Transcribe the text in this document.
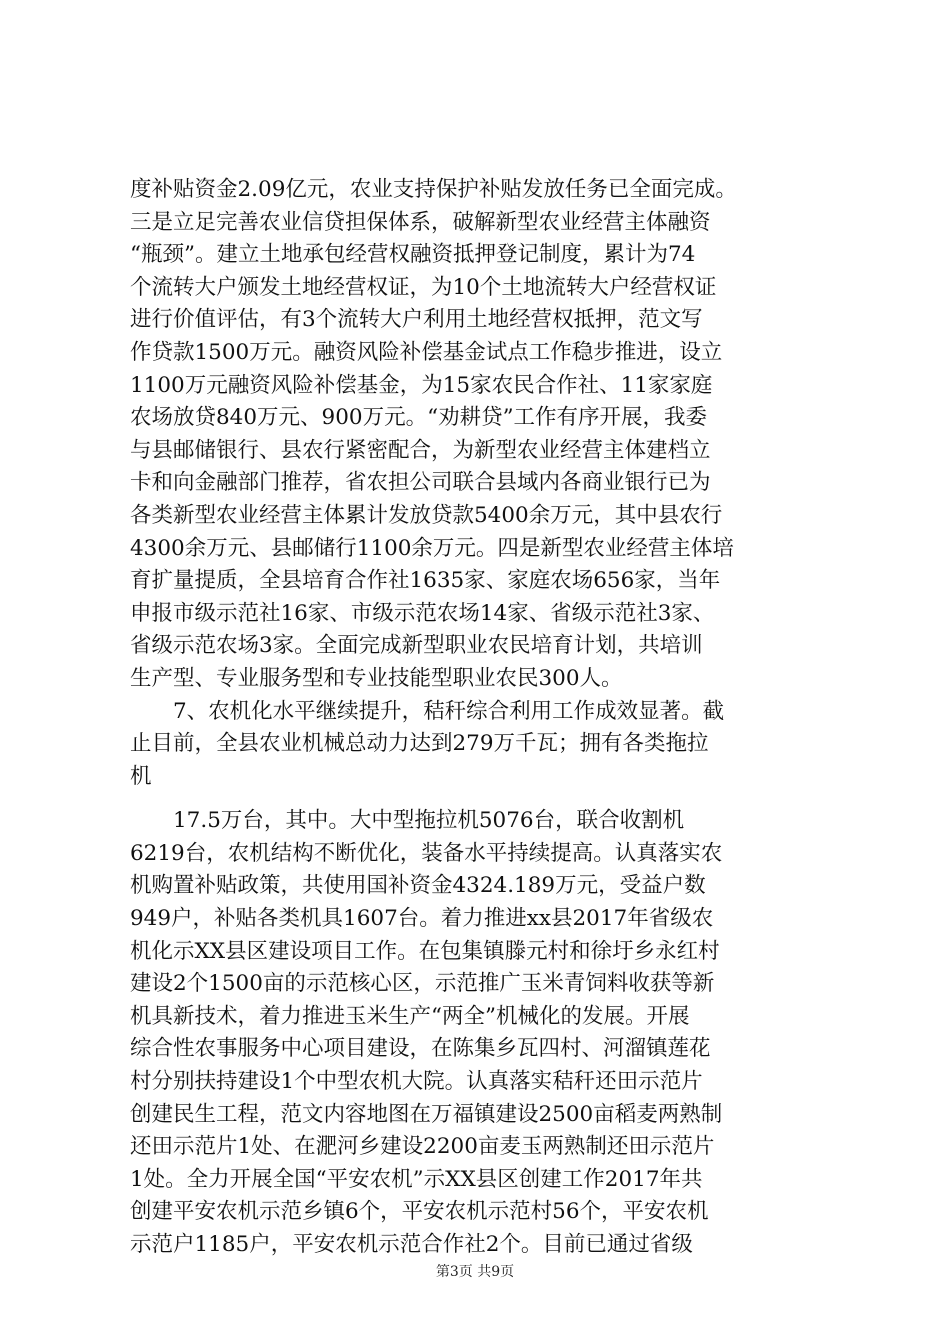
度补贴资金2.09亿元，农业支持保护补贴发放任务已全面完成。
三是立足完善农业信贷担保体系，破解新型农业经营主体融资
“瓶颈”。建立土地承包经营权融资抵押登记制度，累计为74
个流转大户颁发土地经营权证，为10个土地流转大户经营权证
进行价值评估，有3个流转大户利用土地经营权抵押，范文写
作贷款1500万元。融资风险补偿基金试点工作稳步推进，设立
1100万元融资风险补偿基金，为15家农民合作社、11家家庭
农场放贷840万元、900万元。“劝耕贷”工作有序开展，我委
与县邮储银行、县农行紧密配合，为新型农业经营主体建档立
卡和向金融部门推荐，省农担公司联合县域内各商业银行已为
各类新型农业经营主体累计发放贷款5400余万元，其中县农行
4300余万元、县邮储行1100余万元。四是新型农业经营主体培
育扩量提质，全县培育合作社1635家、家庭农场656家，当年
申报市级示范社16家、市级示范农场14家、省级示范社3家、
省级示范农场3家。全面完成新型职业农民培育计划，共培训
生产型、专业服务型和专业技能型职业农民300人。
　　7、农机化水平继续提升，秸秆综合利用工作成效显著。截
止目前，全县农业机械总动力达到279万千瓦；拥有各类拖拉
机
　　17.5万台，其中。大中型拖拉机5076台，联合收割机
6219台，农机结构不断优化，装备水平持续提高。认真落实农
机购置补贴政策，共使用国补资金4324.189万元，受益户数
949户，补贴各类机具1607台。着力推进xx县2017年省级农
机化示XX县区建设项目工作。在包集镇滕元村和徐圩乡永红村
建设2个1500亩的示范核心区，示范推广玉米青饲料收获等新
机具新技术，着力推进玉米生产“两全”机械化的发展。开展
综合性农事服务中心项目建设，在陈集乡瓦四村、河溜镇莲花
村分别扶持建设1个中型农机大院。认真落实秸秆还田示范片
创建民生工程，范文内容地图在万福镇建设2500亩稻麦两熟制
还田示范片1处、在淝河乡建设2200亩麦玉两熟制还田示范片
1处。全力开展全国“平安农机”示XX县区创建工作2017年共
创建平安农机示范乡镇6个，平安农机示范村56个，平安农机
示范户1185户，平安农机示范合作社2个。目前已通过省级
第3页 共9页
